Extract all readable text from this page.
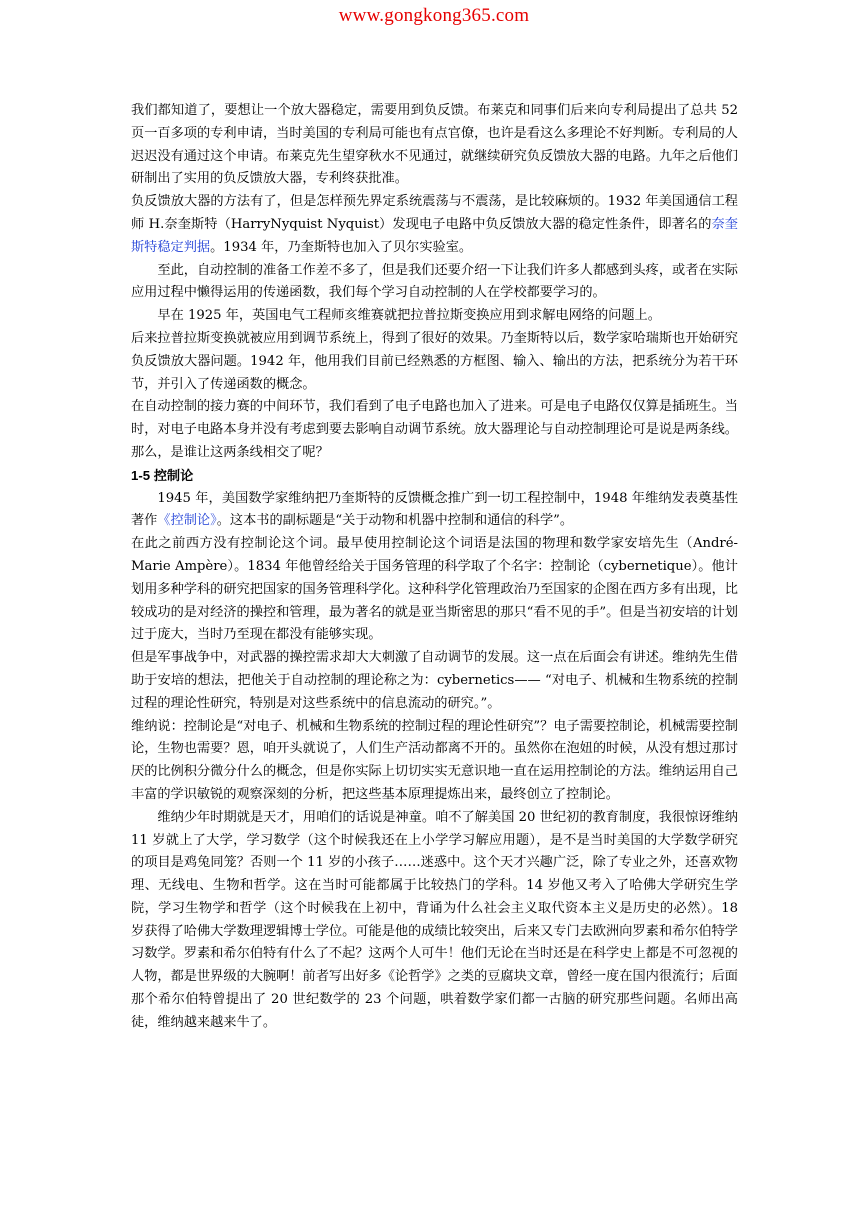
www.gongkong365.com

我们都知道了，要想让一个放大器稳定，需要用到负反馈。布莱克和同事们后来向专利局提出了总共 52 页一百多项的专利申请，当时美国的专利局可能也有点官僚，也许是看这么多理论不好判断。专利局的人迟迟没有通过这个申请。布莱克先生望穿秋水不见通过，就继续研究负反馈放大器的电路。九年之后他们研制出了实用的负反馈放大器，专利终获批准。

负反馈放大器的方法有了，但是怎样预先界定系统震荡与不震荡，是比较麻烦的。1932 年美国通信工程师 H.奈奎斯特（HarryNyquist Nyquist）发现电子电路中负反馈放大器的稳定性条件，即著名的奈奎斯特稳定判据。1934 年，乃奎斯特也加入了贝尔实验室。

至此，自动控制的准备工作差不多了，但是我们还要介绍一下让我们许多人都感到头疼，或者在实际应用过程中懒得运用的传递函数，我们每个学习自动控制的人在学校都要学习的。

早在 1925 年，英国电气工程师亥维赛就把拉普拉斯变换应用到求解电网络的问题上。

后来拉普拉斯变换就被应用到调节系统上，得到了很好的效果。乃奎斯特以后，数学家哈瑞斯也开始研究负反馈放大器问题。1942 年，他用我们目前已经熟悉的方框图、输入、输出的方法，把系统分为若干环节，并引入了传递函数的概念。

在自动控制的接力赛的中间环节，我们看到了电子电路也加入了进来。可是电子电路仅仅算是插班生。当时，对电子电路本身并没有考虑到要去影响自动调节系统。放大器理论与自动控制理论可是说是两条线。那么，是谁让这两条线相交了呢？

1-5 控制论

1945 年，美国数学家维纳把乃奎斯特的反馈概念推广到一切工程控制中，1948 年维纳发表奠基性著作《控制论》。这本书的副标题是“关于动物和机器中控制和通信的科学”。

在此之前西方没有控制论这个词。最早使用控制论这个词语是法国的物理和数学家安培先生（André-Marie Ampère）。1834 年他曾经给关于国务管理的科学取了个名字：控制论（cybernetique）。他计划用多种学科的研究把国家的国务管理科学化。这种科学化管理政治乃至国家的企图在西方多有出现，比较成功的是对经济的操控和管理，最为著名的就是亚当斯密思的那只“看不见的手”。但是当初安培的计划过于庞大，当时乃至现在都没有能够实现。

但是军事战争中，对武器的操控需求却大大刺激了自动调节的发展。这一点在后面会有讲述。维纳先生借助于安培的想法，把他关于自动控制的理论称之为：cybernetics—— “对电子、机械和生物系统的控制过程的理论性研究，特别是对这些系统中的信息流动的研究。”。

维纳说：控制论是“对电子、机械和生物系统的控制过程的理论性研究”？电子需要控制论，机械需要控制论，生物也需要？恩，咱开头就说了，人们生产活动都离不开的。虽然你在泡妞的时候，从没有想过那讨厌的比例积分微分什么的概念，但是你实际上切切实实无意识地一直在运用控制论的方法。维纳运用自己丰富的学识敏锐的观察深刻的分析，把这些基本原理提炼出来，最终创立了控制论。

维纳少年时期就是天才，用咱们的话说是神童。咱不了解美国 20 世纪初的教育制度，我很惊讶维纳 11 岁就上了大学，学习数学（这个时候我还在上小学学习解应用题），是不是当时美国的大学数学研究的项目是鸡兔同笼？否则一个 11 岁的小孩子……迷惑中。这个天才兴趣广泛，除了专业之外，还喜欢物理、无线电、生物和哲学。这在当时可能都属于比较热门的学科。14 岁他又考入了哈佛大学研究生学院，学习生物学和哲学（这个时候我在上初中，背诵为什么社会主义取代资本主义是历史的必然）。18 岁获得了哈佛大学数理逻辑博士学位。可能是他的成绩比较突出，后来又专门去欧洲向罗素和希尔伯特学习数学。罗素和希尔伯特有什么了不起？这两个人可牛！他们无论在当时还是在科学史上都是不可忽视的人物，都是世界级的大腕啊！前者写出好多《论哲学》之类的豆腐块文章，曾经一度在国内很流行；后面那个希尔伯特曾提出了 20 世纪数学的 23 个问题，哄着数学家们都一古脑的研究那些问题。名师出高徒，维纳越来越来牛了。
